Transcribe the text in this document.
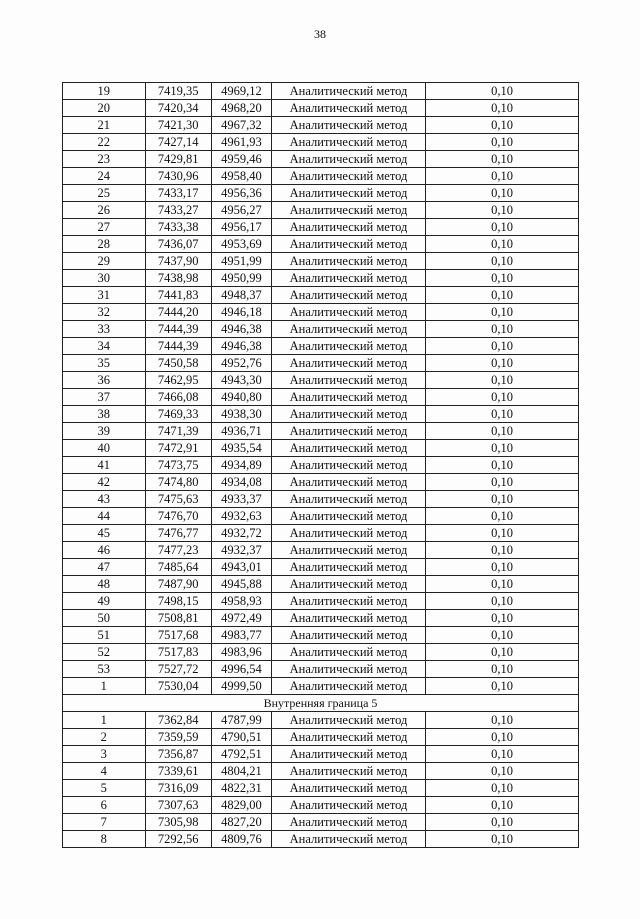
38
19	7419,35	4969,12	Аналитический метод	0,10
20	7420,34	4968,20	Аналитический метод	0,10
21	7421,30	4967,32	Аналитический метод	0,10
22	7427,14	4961,93	Аналитический метод	0,10
23	7429,81	4959,46	Аналитический метод	0,10
24	7430,96	4958,40	Аналитический метод	0,10
25	7433,17	4956,36	Аналитический метод	0,10
26	7433,27	4956,27	Аналитический метод	0,10
27	7433,38	4956,17	Аналитический метод	0,10
28	7436,07	4953,69	Аналитический метод	0,10
29	7437,90	4951,99	Аналитический метод	0,10
30	7438,98	4950,99	Аналитический метод	0,10
31	7441,83	4948,37	Аналитический метод	0,10
32	7444,20	4946,18	Аналитический метод	0,10
33	7444,39	4946,38	Аналитический метод	0,10
34	7444,39	4946,38	Аналитический метод	0,10
35	7450,58	4952,76	Аналитический метод	0,10
36	7462,95	4943,30	Аналитический метод	0,10
37	7466,08	4940,80	Аналитический метод	0,10
38	7469,33	4938,30	Аналитический метод	0,10
39	7471,39	4936,71	Аналитический метод	0,10
40	7472,91	4935,54	Аналитический метод	0,10
41	7473,75	4934,89	Аналитический метод	0,10
42	7474,80	4934,08	Аналитический метод	0,10
43	7475,63	4933,37	Аналитический метод	0,10
44	7476,70	4932,63	Аналитический метод	0,10
45	7476,77	4932,72	Аналитический метод	0,10
46	7477,23	4932,37	Аналитический метод	0,10
47	7485,64	4943,01	Аналитический метод	0,10
48	7487,90	4945,88	Аналитический метод	0,10
49	7498,15	4958,93	Аналитический метод	0,10
50	7508,81	4972,49	Аналитический метод	0,10
51	7517,68	4983,77	Аналитический метод	0,10
52	7517,83	4983,96	Аналитический метод	0,10
53	7527,72	4996,54	Аналитический метод	0,10
1	7530,04	4999,50	Аналитический метод	0,10
Внутренняя граница 5				
1	7362,84	4787,99	Аналитический метод	0,10
2	7359,59	4790,51	Аналитический метод	0,10
3	7356,87	4792,51	Аналитический метод	0,10
4	7339,61	4804,21	Аналитический метод	0,10
5	7316,09	4822,31	Аналитический метод	0,10
6	7307,63	4829,00	Аналитический метод	0,10
7	7305,98	4827,20	Аналитический метод	0,10
8	7292,56	4809,76	Аналитический метод	0,10
